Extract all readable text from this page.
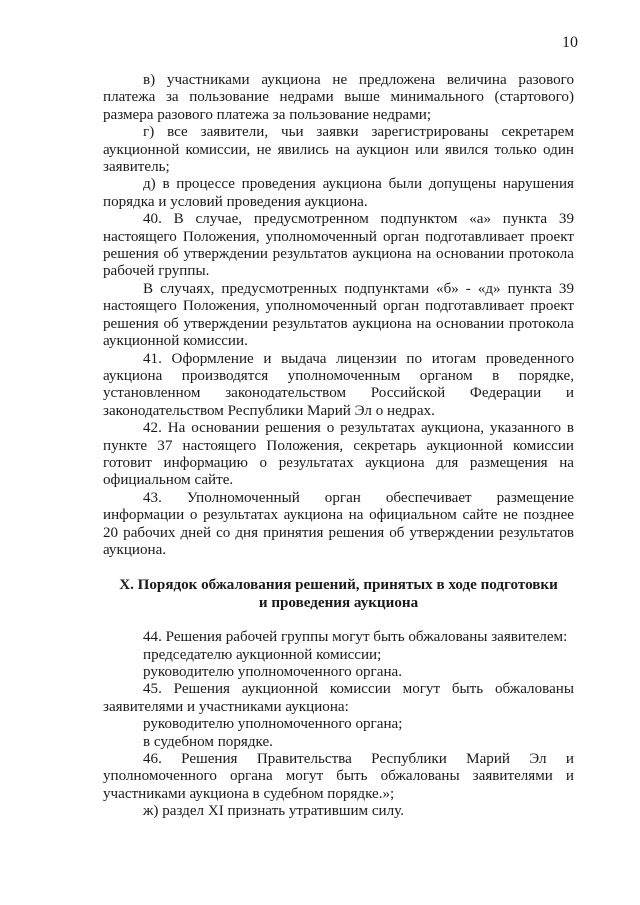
10

в) участниками аукциона не предложена величина разового платежа за пользование недрами выше минимального (стартового) размера разового платежа за пользование недрами;

г) все заявители, чьи заявки зарегистрированы секретарем аукционной комиссии, не явились на аукцион или явился только один заявитель;

д) в процессе проведения аукциона были допущены нарушения порядка и условий проведения аукциона.

40. В случае, предусмотренном подпунктом «а» пункта 39 настоящего Положения, уполномоченный орган подготавливает проект решения об утверждении результатов аукциона на основании протокола рабочей группы.

В случаях, предусмотренных подпунктами «б» - «д» пункта 39 настоящего Положения, уполномоченный орган подготавливает проект решения об утверждении результатов аукциона на основании протокола аукционной комиссии.

41. Оформление и выдача лицензии по итогам проведенного аукциона производятся уполномоченным органом в порядке, установленном законодательством Российской Федерации и законодательством Республики Марий Эл о недрах.

42. На основании решения о результатах аукциона, указанного в пункте 37 настоящего Положения, секретарь аукционной комиссии готовит информацию о результатах аукциона для размещения на официальном сайте.

43. Уполномоченный орган обеспечивает размещение информации о результатах аукциона на официальном сайте не позднее 20 рабочих дней со дня принятия решения об утверждении результатов аукциона.

X. Порядок обжалования решений, принятых в ходе подготовки
и проведения аукциона

44. Решения рабочей группы могут быть обжалованы заявителем:

председателю аукционной комиссии;

руководителю уполномоченного органа.

45. Решения аукционной комиссии могут быть обжалованы заявителями и участниками аукциона:

руководителю уполномоченного органа;

в судебном порядке.

46. Решения Правительства Республики Марий Эл и уполномоченного органа могут быть обжалованы заявителями и участниками аукциона в судебном порядке.»;

ж) раздел XI признать утратившим силу.
